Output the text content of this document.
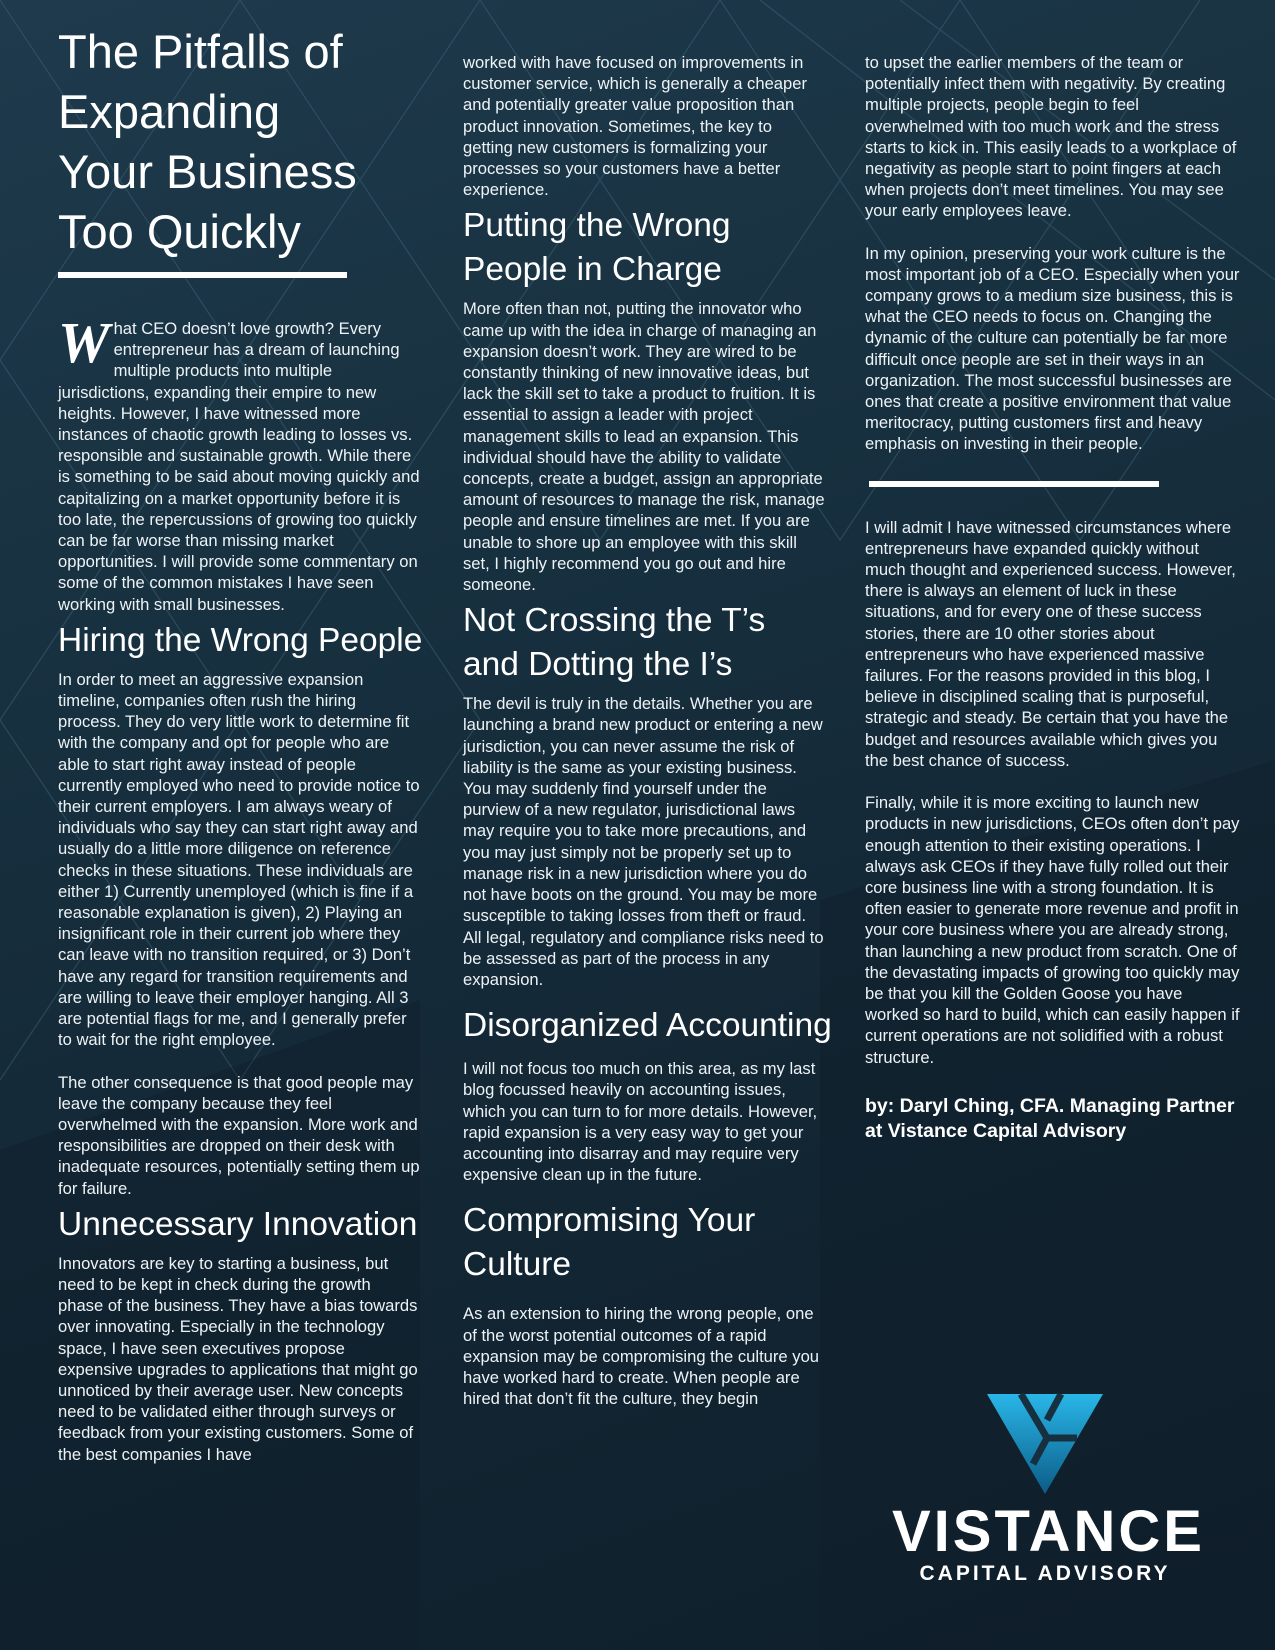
The Pitfalls of
Expanding
Your Business
Too Quickly

What CEO doesn’t love growth? Every entrepreneur has a dream of launching multiple products into multiple jurisdictions, expanding their empire to new heights. However, I have witnessed more instances of chaotic growth leading to losses vs. responsible and sustainable growth. While there is something to be said about moving quickly and capitalizing on a market opportunity before it is too late, the repercussions of growing too quickly can be far worse than missing market opportunities. I will provide some commentary on some of the common mistakes I have seen working with small businesses.

Hiring the Wrong People

In order to meet an aggressive expansion timeline, companies often rush the hiring process. They do very little work to determine fit with the company and opt for people who are able to start right away instead of people currently employed who need to provide notice to their current employers. I am always weary of individuals who say they can start right away and usually do a little more diligence on reference checks in these situations. These individuals are either 1) Currently unemployed (which is fine if a reasonable explanation is given), 2) Playing an insignificant role in their current job where they can leave with no transition required, or 3) Don’t have any regard for transition requirements and are willing to leave their employer hanging. All 3 are potential flags for me, and I generally prefer to wait for the right employee.

The other consequence is that good people may leave the company because they feel overwhelmed with the expansion. More work and responsibilities are dropped on their desk with inadequate resources, potentially setting them up for failure.

Unnecessary Innovation

Innovators are key to starting a business, but need to be kept in check during the growth phase of the business. They have a bias towards over innovating. Especially in the technology space, I have seen executives propose expensive upgrades to applications that might go unnoticed by their average user. New concepts need to be validated either through surveys or feedback from your existing customers. Some of the best companies I have

worked with have focused on improvements in customer service, which is generally a cheaper and potentially greater value proposition than product innovation. Sometimes, the key to getting new customers is formalizing your processes so your customers have a better experience.

Putting the Wrong People in Charge

More often than not, putting the innovator who came up with the idea in charge of managing an expansion doesn’t work. They are wired to be constantly thinking of new innovative ideas, but lack the skill set to take a product to fruition. It is essential to assign a leader with project management skills to lead an expansion. This individual should have the ability to validate concepts, create a budget, assign an appropriate amount of resources to manage the risk, manage people and ensure timelines are met. If you are unable to shore up an employee with this skill set, I highly recommend you go out and hire someone.

Not Crossing the T’s and Dotting the I’s

The devil is truly in the details. Whether you are launching a brand new product or entering a new jurisdiction, you can never assume the risk of liability is the same as your existing business. You may suddenly find yourself under the purview of a new regulator, jurisdictional laws may require you to take more precautions, and you may just simply not be properly set up to manage risk in a new jurisdiction where you do not have boots on the ground. You may be more susceptible to taking losses from theft or fraud. All legal, regulatory and compliance risks need to be assessed as part of the process in any expansion.

Disorganized Accounting

I will not focus too much on this area, as my last blog focussed heavily on accounting issues, which you can turn to for more details. However, rapid expansion is a very easy way to get your accounting into disarray and may require very expensive clean up in the future.

Compromising Your Culture

As an extension to hiring the wrong people, one of the worst potential outcomes of a rapid expansion may be compromising the culture you have worked hard to create. When people are hired that don’t fit the culture, they begin

to upset the earlier members of the team or potentially infect them with negativity. By creating multiple projects, people begin to feel overwhelmed with too much work and the stress starts to kick in. This easily leads to a workplace of negativity as people start to point fingers at each when projects don’t meet timelines. You may see your early employees leave.

In my opinion, preserving your work culture is the most important job of a CEO. Especially when your company grows to a medium size business, this is what the CEO needs to focus on. Changing the dynamic of the culture can potentially be far more difficult once people are set in their ways in an organization. The most successful businesses are ones that create a positive environment that value meritocracy, putting customers first and heavy emphasis on investing in their people.

I will admit I have witnessed circumstances where entrepreneurs have expanded quickly without much thought and experienced success. However, there is always an element of luck in these situations, and for every one of these success stories, there are 10 other stories about entrepreneurs who have experienced massive failures. For the reasons provided in this blog, I believe in disciplined scaling that is purposeful, strategic and steady. Be certain that you have the budget and resources available which gives you the best chance of success.

Finally, while it is more exciting to launch new products in new jurisdictions, CEOs often don’t pay enough attention to their existing operations. I always ask CEOs if they have fully rolled out their core business line with a strong foundation. It is often easier to generate more revenue and profit in your core business where you are already strong, than launching a new product from scratch. One of the devastating impacts of growing too quickly may be that you kill the Golden Goose you have worked so hard to build, which can easily happen if current operations are not solidified with a robust structure.

by: Daryl Ching, CFA. Managing Partner at Vistance Capital Advisory

VISTANCE
CAPITAL ADVISORY
